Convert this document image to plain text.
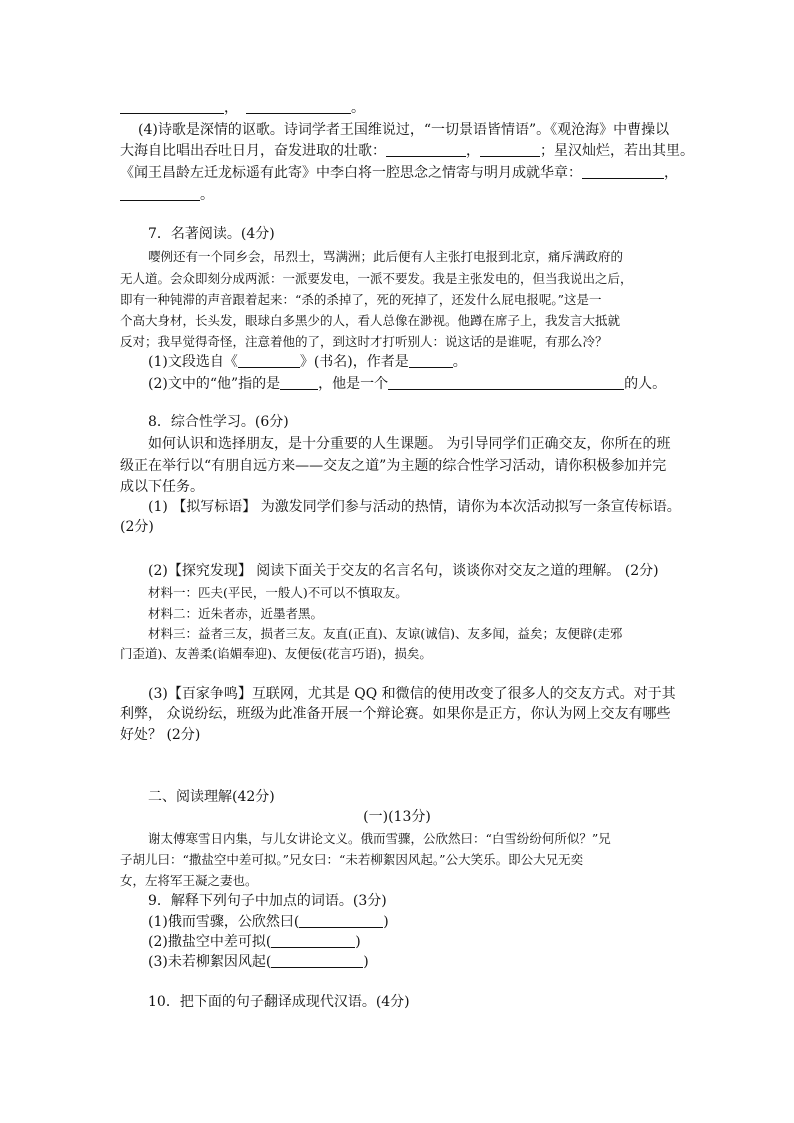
，	。
(4)诗歌是深情的讴歌。诗词学者王国维说过，“一切景语皆情语”。《观沧海》中曹操以
大海自比唱出吞吐日月，奋发进取的壮歌：	，	；星汉灿烂，若出其里。
《闻王昌龄左迁龙标遥有此寄》中李白将一腔思念之情寄与明月成就华章：	，
。
7．名著阅读。(4分)
嘤例还有一个同乡会，吊烈士，骂满洲；此后便有人主张打电报到北京，痛斥满政府的
无人道。会众即刻分成两派：一派要发电，一派不要发。我是主张发电的，但当我说出之后，
即有一种钝滞的声音跟着起来：“杀的杀掉了，死的死掉了，还发什么屁电报呢。”这是一
个高大身材，长头发，眼球白多黑少的人，看人总像在渺视。他蹲在席子上，我发言大抵就
反对；我早觉得奇怪，注意着他的了，到这时才打听别人：说这话的是谁呢，有那么冷？
(1)文段选自《	》(书名)，作者是	。
(2)文中的“他”指的是	，他是一个	的人。
8．综合性学习。(6分)
如何认识和选择朋友，是十分重要的人生课题。 为引导同学们正确交友，你所在的班
级正在举行以“有朋自远方来——交友之道”为主题的综合性学习活动，请你积极参加并完
成以下任务。
(1) 【拟写标语】 为激发同学们参与活动的热情，请你为本次活动拟写一条宣传标语。
(2分)
(2)【探究发现】 阅读下面关于交友的名言名句，谈谈你对交友之道的理解。 (2分)
材料一：匹夫(平民，一般人)不可以不慎取友。
材料二：近朱者赤，近墨者黑。
材料三：益者三友，损者三友。友直(正直)、友谅(诚信)、友多闻，益矣；友便辟(走邪
门歪道)、友善柔(谄媚奉迎)、友便佞(花言巧语)，损矣。
(3)【百家争鸣】互联网，尤其是 QQ 和微信的使用改变了很多人的交友方式。对于其
利弊， 众说纷纭，班级为此准备开展一个辩论赛。如果你是正方，你认为网上交友有哪些
好处？ (2分)
二、阅读理解(42分)
(一)(13分)
谢太傅寒雪日内集，与儿女讲论文义。俄而雪骤，公欣然曰：“白雪纷纷何所似？”兄
子胡儿曰：“撒盐空中差可拟。”兄女曰：“未若柳絮因风起。”公大笑乐。即公大兄无奕
女，左将军王凝之妻也。
9．解释下列句子中加点的词语。(3分)
(1)俄而雪骤，公欣然曰(	)
(2)撒盐空中差可拟(	)
(3)未若柳絮因风起(	)
10．把下面的句子翻译成现代汉语。(4分)
